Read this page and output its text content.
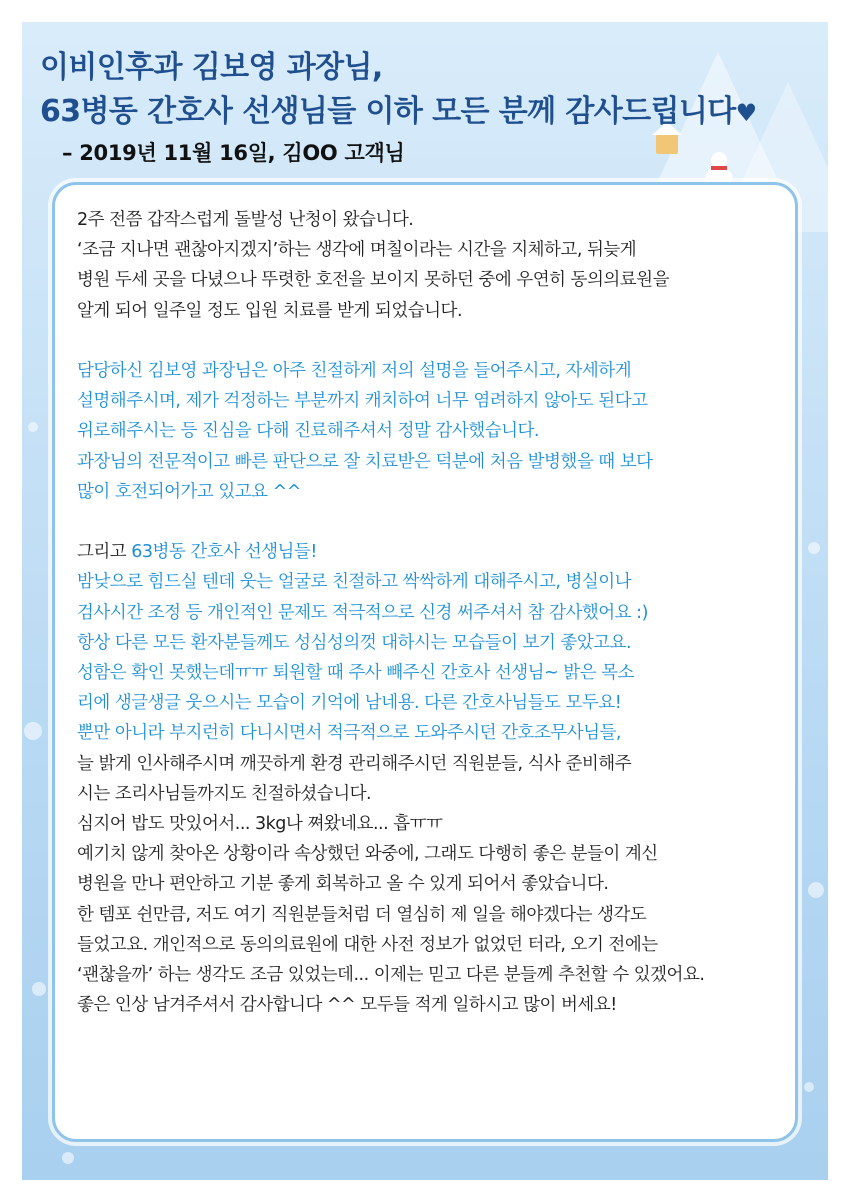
이비인후과 김보영 과장님,

63병동 간호사 선생님들 이하 모든 분께 감사드립니다♥

– 2019년 11월 16일, 김OO 고객님

2주 전쯤 갑작스럽게 돌발성 난청이 왔습니다.

‘조금 지나면 괜찮아지겠지’하는 생각에 며칠이라는 시간을 지체하고, 뒤늦게

병원 두세 곳을 다녔으나 뚜렷한 호전을 보이지 못하던 중에 우연히 동의의료원을

알게 되어 일주일 정도 입원 치료를 받게 되었습니다.

담당하신 김보영 과장님은 아주 친절하게 저의 설명을 들어주시고, 자세하게

설명해주시며, 제가 걱정하는 부분까지 캐치하여 너무 염려하지 않아도 된다고

위로해주시는 등 진심을 다해 진료해주셔서 정말 감사했습니다.

과장님의 전문적이고 빠른 판단으로 잘 치료받은 덕분에 처음 발병했을 때 보다

많이 호전되어가고 있고요 ^^

그리고 63병동 간호사 선생님들!

밤낮으로 힘드실 텐데 웃는 얼굴로 친절하고 싹싹하게 대해주시고, 병실이나

검사시간 조정 등 개인적인 문제도 적극적으로 신경 써주셔서 참 감사했어요 :)

항상 다른 모든 환자분들께도 성심성의껏 대하시는 모습들이 보기 좋았고요.

성함은 확인 못했는데ㅠㅠ 퇴원할 때 주사 빼주신 간호사 선생님~ 밝은 목소

리에 생글생글 웃으시는 모습이 기억에 남네용. 다른 간호사님들도 모두요!

뿐만 아니라 부지런히 다니시면서 적극적으로 도와주시던 간호조무사님들,

늘 밝게 인사해주시며 깨끗하게 환경 관리해주시던 직원분들, 식사 준비해주

시는 조리사님들까지도 친절하셨습니다.

심지어 밥도 맛있어서... 3kg나 쪄왔네요... 흡ㅠㅠ

예기치 않게 찾아온 상황이라 속상했던 와중에, 그래도 다행히 좋은 분들이 계신

병원을 만나 편안하고 기분 좋게 회복하고 올 수 있게 되어서 좋았습니다.

한 템포 쉰만큼, 저도 여기 직원분들처럼 더 열심히 제 일을 해야겠다는 생각도

들었고요. 개인적으로 동의의료원에 대한 사전 정보가 없었던 터라, 오기 전에는

‘괜찮을까’ 하는 생각도 조금 있었는데... 이제는 믿고 다른 분들께 추천할 수 있겠어요.

좋은 인상 남겨주셔서 감사합니다 ^^ 모두들 적게 일하시고 많이 버세요!
